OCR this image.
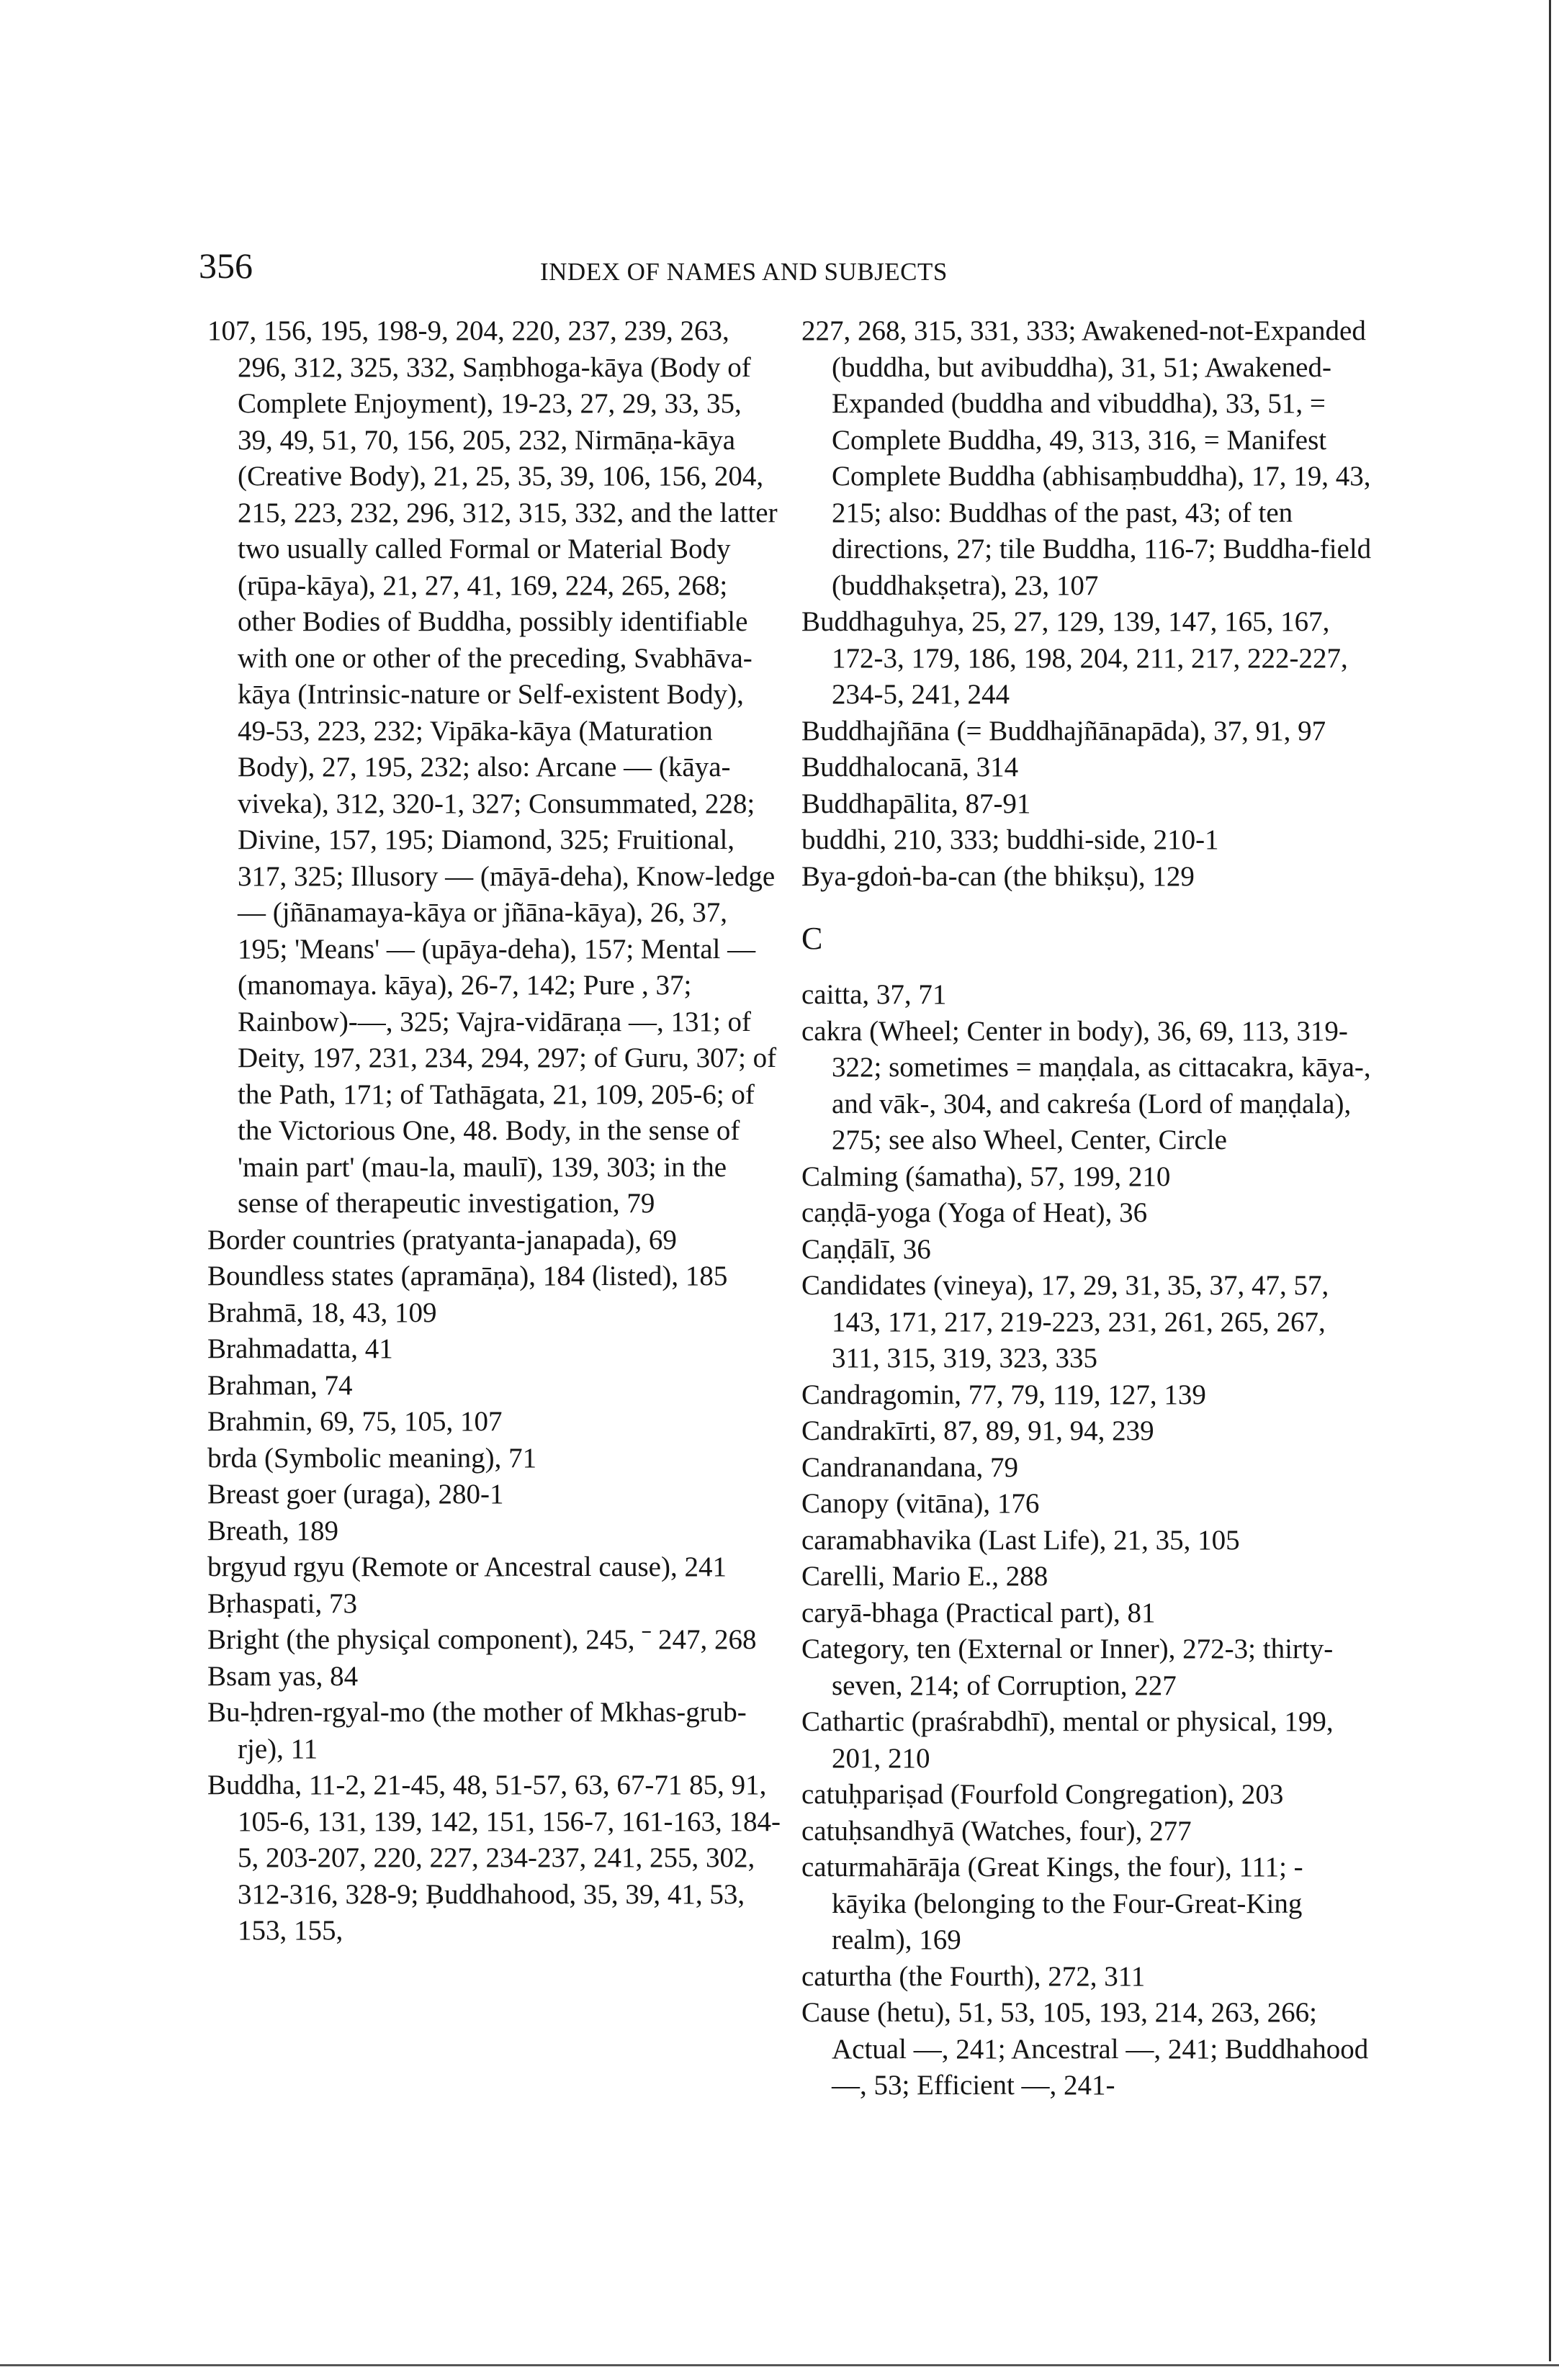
356	INDEX OF NAMES AND SUBJECTS
107, 156, 195, 198-9, 204, 220, 237, 239, 263, 296, 312, 325, 332, Saṃbhoga-kāya (Body of Complete Enjoyment), 19-23, 27, 29, 33, 35, 39, 49, 51, 70, 156, 205, 232, Nirmāṇa-kāya (Creative Body), 21, 25, 35, 39, 106, 156, 204, 215, 223, 232, 296, 312, 315, 332, and the latter two usually called Formal or Material Body (rūpa-kāya), 21, 27, 41, 169, 224, 265, 268; other Bodies of Buddha, possibly identifiable with one or other of the preceding, Svabhāva-kāya (Intrinsic-nature or Self-existent Body), 49-53, 223, 232; Vipāka-kāya (Maturation Body), 27, 195, 232; also: Arcane — (kāya-viveka), 312, 320-1, 327; Consummated, 228; Divine, 157, 195; Diamond, 325; Fruitional, 317, 325; Illusory — (māyā-deha), Know-ledge — (jñānamaya-kāya or jñāna-kāya), 26, 37, 195; 'Means' — (upāya-deha), 157; Mental — (manomaya. kāya), 26-7, 142; Pure , 37; Rainbow)-—, 325; Vajra-vidāraṇa —, 131; of Deity, 197, 231, 234, 294, 297; of Guru, 307; of the Path, 171; of Tathāgata, 21, 109, 205-6; of the Victorious One, 48. Body, in the sense of 'main part' (mau-la, maulī), 139, 303; in the sense of therapeutic investigation, 79
Border countries (pratyanta-janapada), 69
Boundless states (apramāṇa), 184 (listed), 185
Brahmā, 18, 43, 109
Brahmadatta, 41
Brahman, 74
Brahmin, 69, 75, 105, 107
brda (Symbolic meaning), 71
Breast goer (uraga), 280-1
Breath, 189
brgyud rgyu (Remote or Ancestral cause), 241
Bṛhaspati, 73
Bright (the physiçal component), 245, ˉ 247, 268
Bsam yas, 84
Bu-ḥdren-rgyal-mo (the mother of Mkhas-grub-rje), 11
Buddha, 11-2, 21-45, 48, 51-57, 63, 67-71 85, 91, 105-6, 131, 139, 142, 151, 156-7, 161-163, 184-5, 203-207, 220, 227, 234-237, 241, 255, 302, 312-316, 328-9; Ḅuddhahood, 35, 39, 41, 53, 153, 155,
227, 268, 315, 331, 333; Awakened-not-Expanded (buddha, but avibuddha), 31, 51; Awakened-Expanded (buddha and vibuddha), 33, 51, = Complete Buddha, 49, 313, 316, = Manifest Complete Buddha (abhisaṃbuddha), 17, 19, 43, 215; also: Buddhas of the past, 43; of ten directions, 27; tile Buddha, 116-7; Buddha-field (buddhakṣetra), 23, 107
Buddhaguhya, 25, 27, 129, 139, 147, 165, 167, 172-3, 179, 186, 198, 204, 211, 217, 222-227, 234-5, 241, 244
Buddhajñāna (= Buddhajñānapāda), 37, 91, 97
Buddhalocanā, 314
Buddhapālita, 87-91
buddhi, 210, 333; buddhi-side, 210-1
Bya-gdoṅ-ba-can (the bhikṣu), 129
C
caitta, 37, 71
cakra (Wheel; Center in body), 36, 69, 113, 319-322; sometimes = maṇḍala, as cittacakra, kāya-, and vāk-, 304, and cakreśa (Lord of maṇḍala), 275; see also Wheel, Center, Circle
Calming (śamatha), 57, 199, 210
caṇḍā-yoga (Yoga of Heat), 36
Caṇḍālī, 36
Candidates (vineya), 17, 29, 31, 35, 37, 47, 57, 143, 171, 217, 219-223, 231, 261, 265, 267, 311, 315, 319, 323, 335
Candragomin, 77, 79, 119, 127, 139
Candrakīrti, 87, 89, 91, 94, 239
Candranandana, 79
Canopy (vitāna), 176
caramabhavika (Last Life), 21, 35, 105
Carelli, Mario E., 288
caryā-bhaga (Practical part), 81
Category, ten (External or Inner), 272-3; thirty-seven, 214; of Corruption, 227
Cathartic (praśrabdhī), mental or physical, 199, 201, 210
catuḥpariṣad (Fourfold Congregation), 203
catuḥsandhyā (Watches, four), 277
caturmahārāja (Great Kings, the four), 111; -kāyika (belonging to the Four-Great-King realm), 169
caturtha (the Fourth), 272, 311
Cause (hetu), 51, 53, 105, 193, 214, 263, 266; Actual —, 241; Ancestral —, 241; Buddhahood —, 53; Efficient —, 241-
